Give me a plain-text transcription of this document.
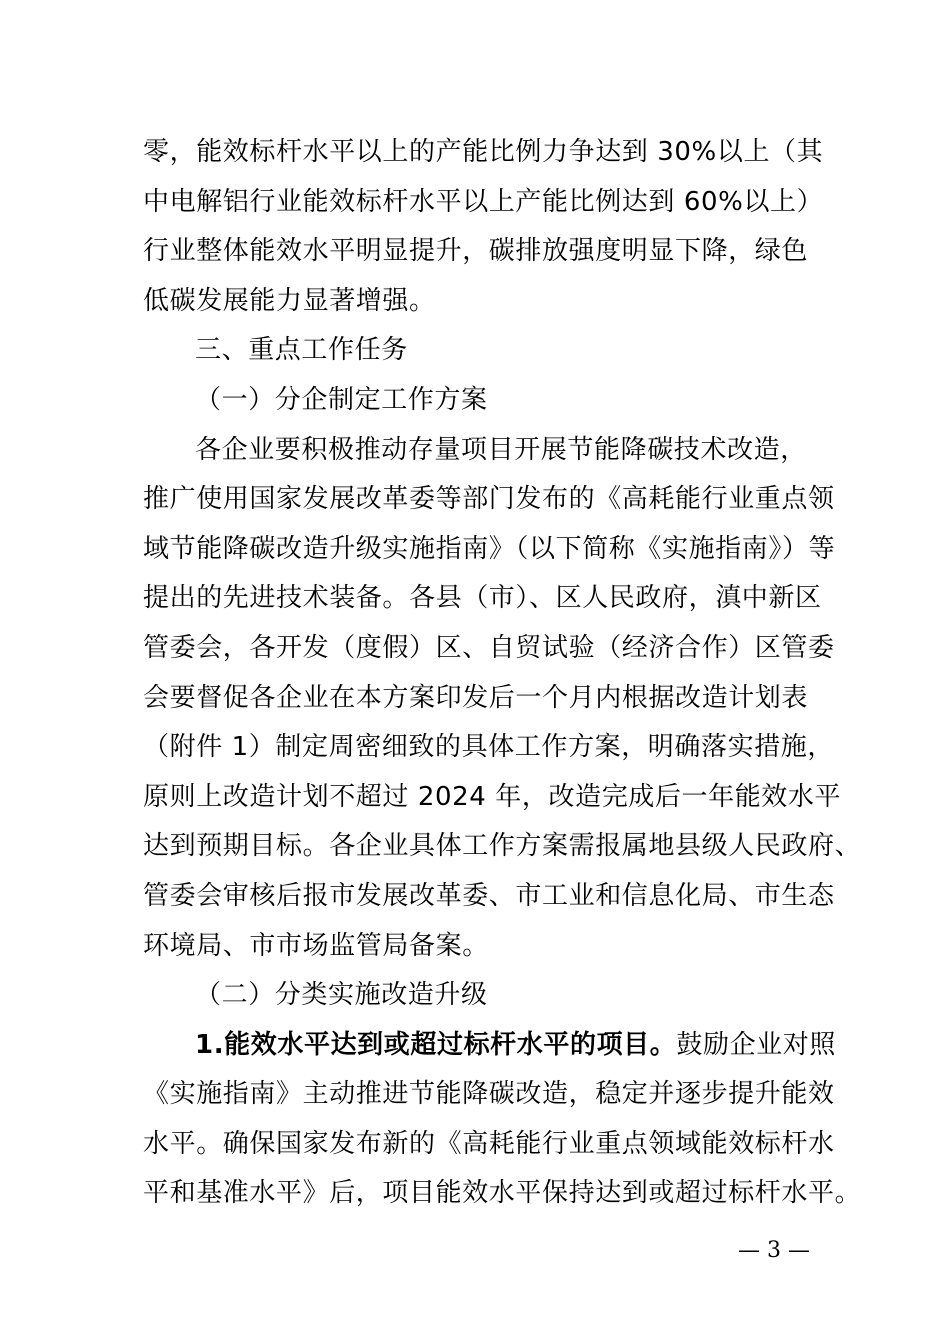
零，能效标杆水平以上的产能比例力争达到 30%以上（其
中电解铝行业能效标杆水平以上产能比例达到 60%以上）
行业整体能效水平明显提升，碳排放强度明显下降，绿色
低碳发展能力显著增强。
三、重点工作任务
（一）分企制定工作方案
各企业要积极推动存量项目开展节能降碳技术改造，
推广使用国家发展改革委等部门发布的《高耗能行业重点领
域节能降碳改造升级实施指南》（以下简称《实施指南》）等
提出的先进技术装备。各县（市）、区人民政府，滇中新区
管委会，各开发（度假）区、自贸试验（经济合作）区管委
会要督促各企业在本方案印发后一个月内根据改造计划表
（附件 1）制定周密细致的具体工作方案，明确落实措施，
原则上改造计划不超过 2024 年，改造完成后一年能效水平
达到预期目标。各企业具体工作方案需报属地县级人民政府、
管委会审核后报市发展改革委、市工业和信息化局、市生态
环境局、市市场监管局备案。
（二）分类实施改造升级
1.能效水平达到或超过标杆水平的项目。鼓励企业对照
《实施指南》主动推进节能降碳改造，稳定并逐步提升能效
水平。确保国家发布新的《高耗能行业重点领域能效标杆水
平和基准水平》后，项目能效水平保持达到或超过标杆水平。
— 3 —
